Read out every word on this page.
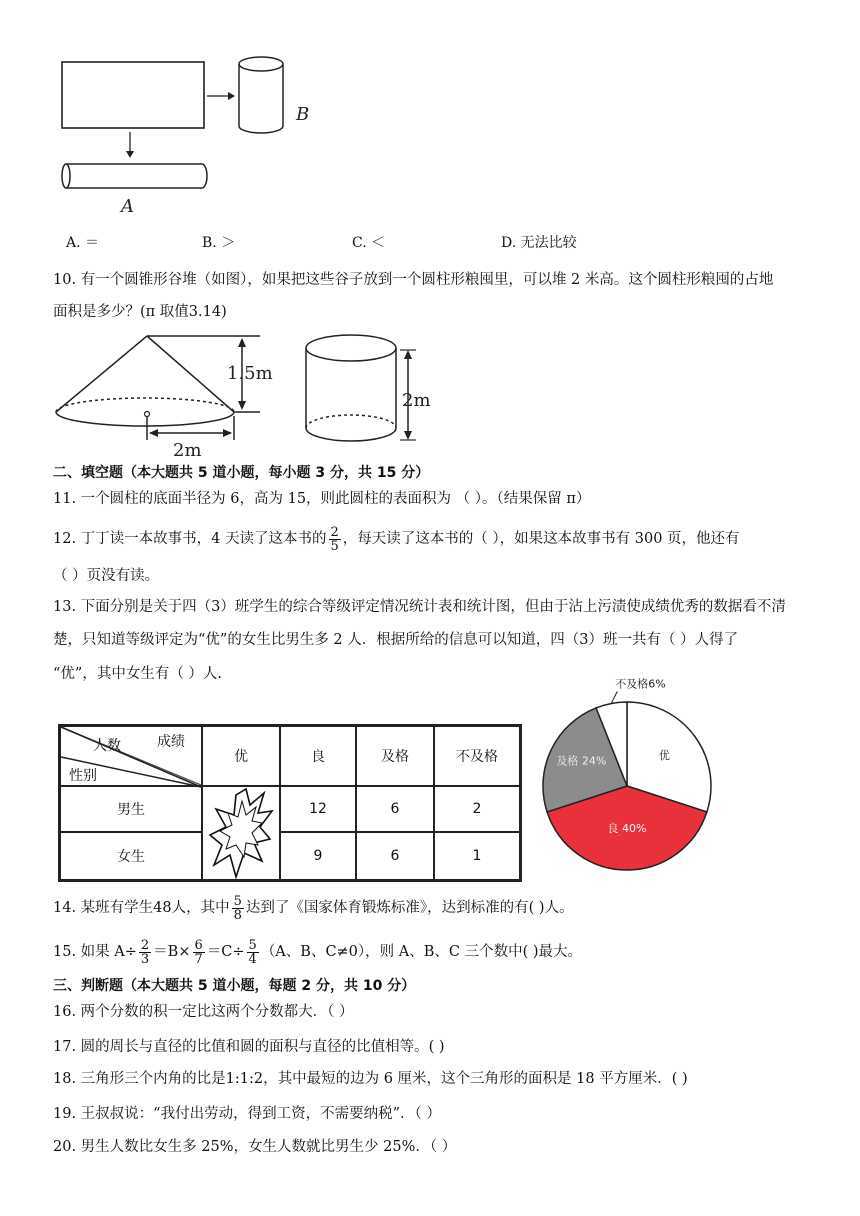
B
A
A. ＝	B. ＞	C. ＜	D. 无法比较
10. 有一个圆锥形谷堆（如图），如果把这些谷子放到一个圆柱形粮囤里，可以堆 2 米高。这个圆柱形粮囤的占地
面积是多少？(π 取值3.14)
1.5m
2m
2m
二、填空题（本大题共 5 道小题，每小题 3 分，共 15 分）
11. 一个圆柱的底面半径为 6，高为 15，则此圆柱的表面积为 （ ）。（结果保留 π）
12. 丁丁读一本故事书，4 天读了这本书的 $\frac{2}{5}$ ，每天读了这本书的（ ），如果这本故事书有 300 页，他还有
（ ）页没有读。
13. 下面分别是关于四（3）班学生的综合等级评定情况统计表和统计图，但由于沾上污渍使成绩优秀的数据看不清
楚，只知道等级评定为“优”的女生比男生多 2 人．根据所给的信息可以知道，四（3）班一共有（ ）人得了
“优”，其中女生有（ ）人.
人数 成绩
性别	优	良	及格	不及格
男生		12	6	2
女生		9	6	1
优
良 40%
及格 24%
不及格6%
14. 某班有学生48人，其中 $\frac{5}{8}$ 达到了《国家体育锻炼标准》，达到标准的有( )人。
15. 如果 $A\div \frac{2}{3} =B\times \frac{6}{7} =C\div \frac{5}{4} (A$、B、C≠0），则 A、B、C 三个数中( )最大。
三、判断题（本大题共 5 道小题，每题 2 分，共 10 分）
16. 两个分数的积一定比这两个分数都大．（ ）
17. 圆的周长与直径的比值和圆的面积与直径的比值相等。( )
18. 三角形三个内角的比是1:1:2，其中最短的边为 6 厘米，这个三角形的面积是 18 平方厘米．( )
19. 王叔叔说：“我付出劳动，得到工资，不需要纳税”．（ ）
20. 男生人数比女生多 25%，女生人数就比男生少 25%．（ ）
